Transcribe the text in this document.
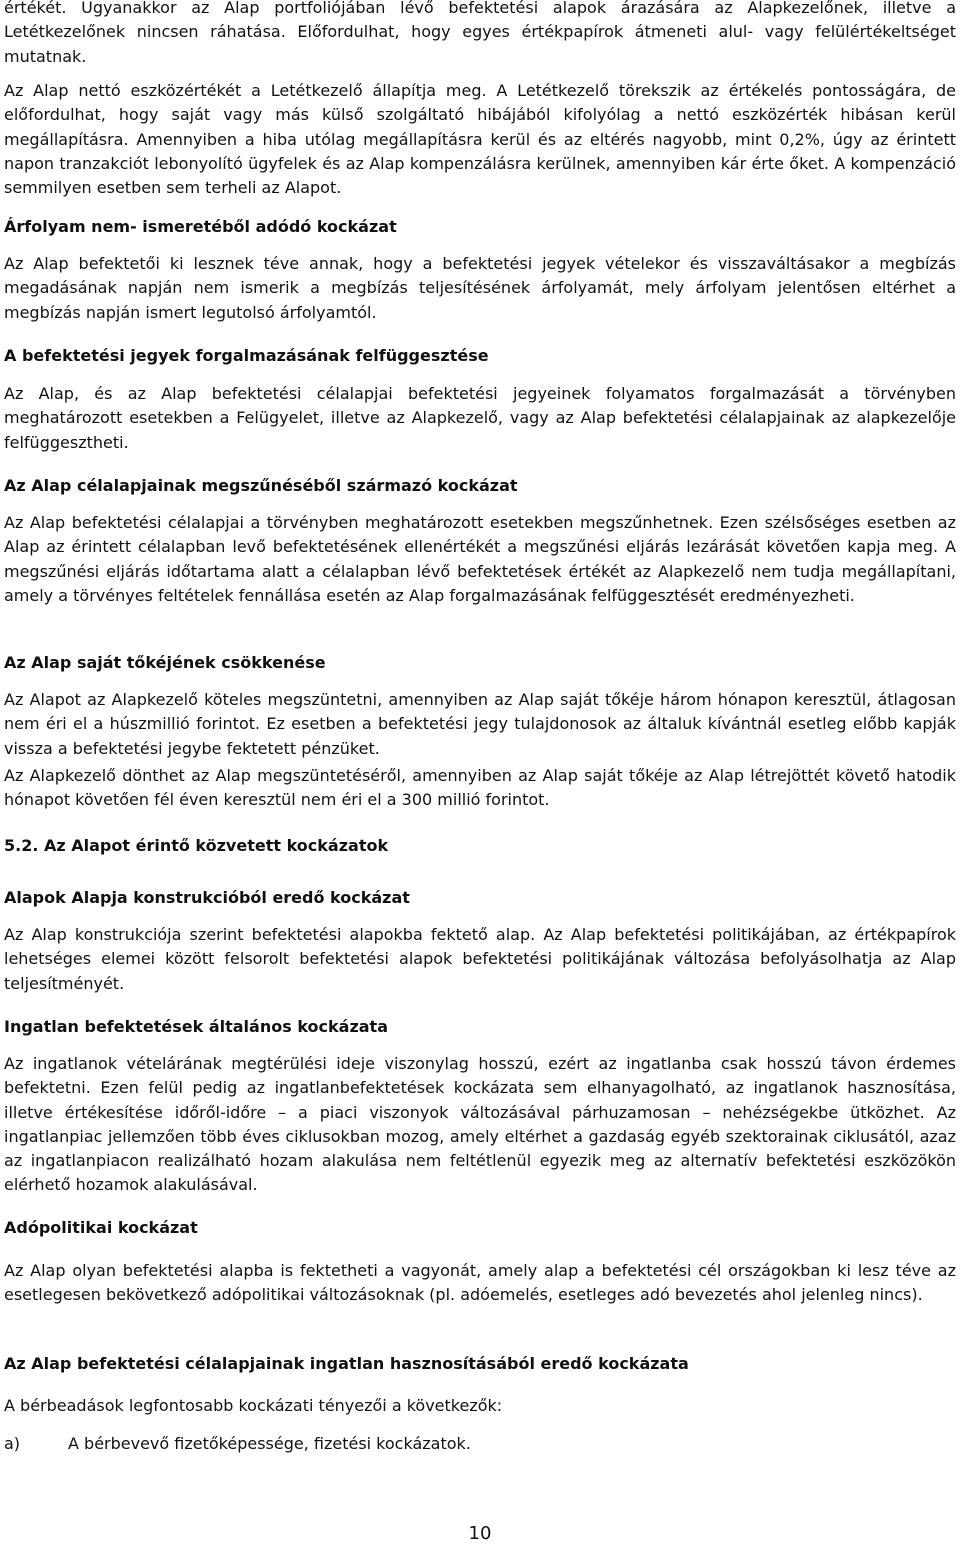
értékét. Ugyanakkor az Alap portfoliójában lévő befektetési alapok árazására az Alapkezelőnek, illetve a Letétkezelőnek nincsen ráhatása. Előfordulhat, hogy egyes értékpapírok átmeneti alul- vagy felülértékeltséget mutatnak.

Az Alap nettó eszközértékét a Letétkezelő állapítja meg. A Letétkezelő törekszik az értékelés pontosságára, de előfordulhat, hogy saját vagy más külső szolgáltató hibájából kifolyólag a nettó eszközérték hibásan kerül megállapításra. Amennyiben a hiba utólag megállapításra kerül és az eltérés nagyobb, mint 0,2%, úgy az érintett napon tranzakciót lebonyolító ügyfelek és az Alap kompenzálásra kerülnek, amennyiben kár érte őket. A kompenzáció semmilyen esetben sem terheli az Alapot.

Árfolyam nem- ismeretéből adódó kockázat

Az Alap befektetői ki lesznek téve annak, hogy a befektetési jegyek vételekor és visszaváltásakor a megbízás megadásának napján nem ismerik a megbízás teljesítésének árfolyamát, mely árfolyam jelentősen eltérhet a megbízás napján ismert legutolsó árfolyamtól.

A befektetési jegyek forgalmazásának felfüggesztése

Az Alap, és az Alap befektetési célalapjai befektetési jegyeinek folyamatos forgalmazását a törvényben meghatározott esetekben a Felügyelet, illetve az Alapkezelő, vagy az Alap befektetési célalapjainak az alapkezelője felfüggesztheti.

Az Alap célalapjainak megszűnéséből származó kockázat

Az Alap befektetési célalapjai a törvényben meghatározott esetekben megszűnhetnek. Ezen szélsőséges esetben az Alap az érintett célalapban levő befektetésének ellenértékét a megszűnési eljárás lezárását követően kapja meg. A megszűnési eljárás időtartama alatt a célalapban lévő befektetések értékét az Alapkezelő nem tudja megállapítani, amely a törvényes feltételek fennállása esetén az Alap forgalmazásának felfüggesztését eredményezheti.

Az Alap saját tőkéjének csökkenése

Az Alapot az Alapkezelő köteles megszüntetni, amennyiben az Alap saját tőkéje három hónapon keresztül, átlagosan nem éri el a húszmillió forintot. Ez esetben a befektetési jegy tulajdonosok az általuk kívántnál esetleg előbb kapják vissza a befektetési jegybe fektetett pénzüket.

Az Alapkezelő dönthet az Alap megszüntetéséről, amennyiben az Alap saját tőkéje az Alap létrejöttét követő hatodik hónapot követően fél éven keresztül nem éri el a 300 millió forintot.

5.2. Az Alapot érintő közvetett kockázatok
Alapok Alapja konstrukcióból eredő kockázat

Az Alap konstrukciója szerint befektetési alapokba fektető alap. Az Alap befektetési politikájában, az értékpapírok lehetséges elemei között felsorolt befektetési alapok befektetési politikájának változása befolyásolhatja az Alap teljesítményét.

Ingatlan befektetések általános kockázata

Az ingatlanok vételárának megtérülési ideje viszonylag hosszú, ezért az ingatlanba csak hosszú távon érdemes befektetni. Ezen felül pedig az ingatlanbefektetések kockázata sem elhanyagolható, az ingatlanok hasznosítása, illetve értékesítése időről-időre – a piaci viszonyok változásával párhuzamosan – nehézségekbe ütközhet. Az ingatlanpiac jellemzően több éves ciklusokban mozog, amely eltérhet a gazdaság egyéb szektorainak ciklusától, azaz az ingatlanpiacon realizálható hozam alakulása nem feltétlenül egyezik meg az alternatív befektetési eszközökön elérhető hozamok alakulásával.

Adópolitikai kockázat

Az Alap olyan befektetési alapba is fektetheti a vagyonát, amely alap a befektetési cél országokban ki lesz téve az esetlegesen bekövetkező adópolitikai változásoknak (pl. adóemelés, esetleges adó bevezetés ahol jelenleg nincs).

Az Alap befektetési célalapjainak ingatlan hasznosításából eredő kockázata

A bérbeadások legfontosabb kockázati tényezői a következők:

a)	A bérbevevő fizetőképessége, fizetési kockázatok.
10
